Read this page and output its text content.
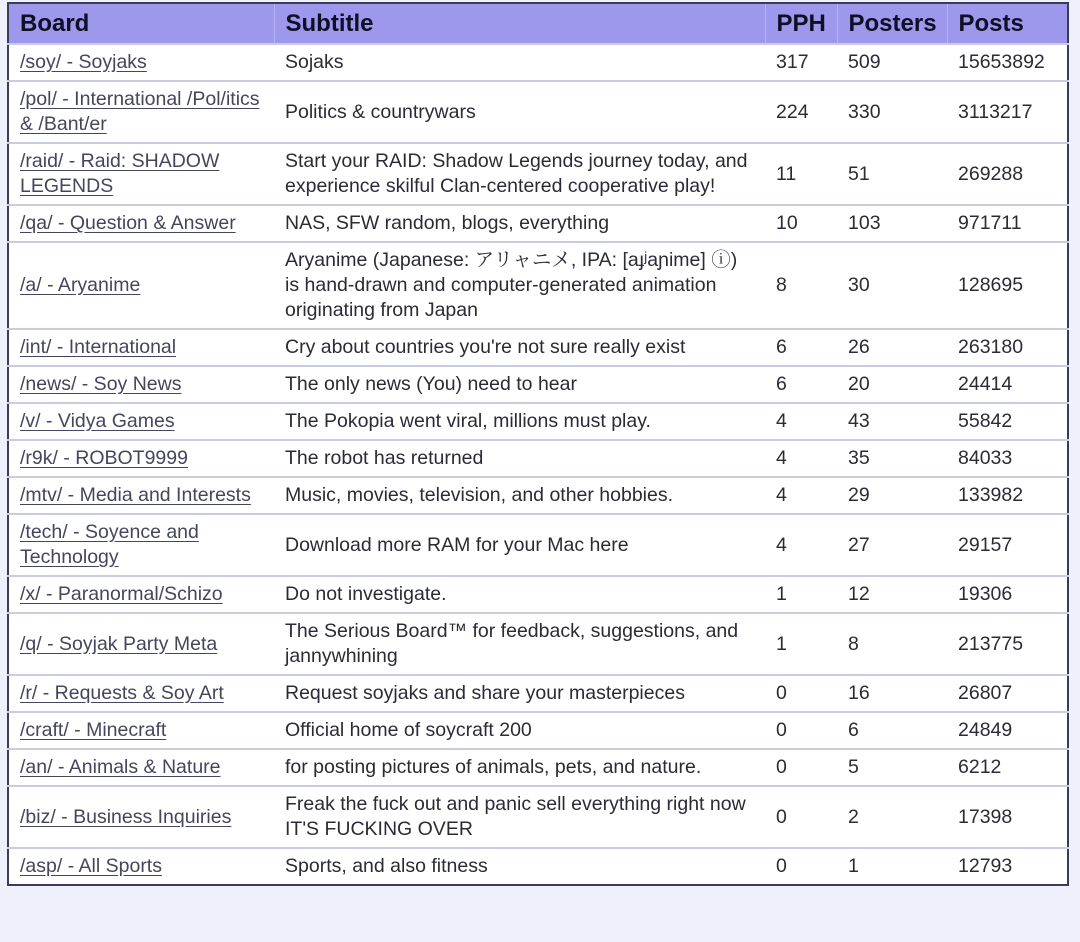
Board	Subtitle	PPH	Posters	Posts
/soy/ - Soyjaks	Sojaks	317	509	15653892
/pol/ - International /Pol/itics & /Bant/er	Politics & countrywars	224	330	3113217
/raid/ - Raid: SHADOW LEGENDS	Start your RAID: Shadow Legends journey today, and experience skilful Clan-centered cooperative play!	11	51	269288
/qa/ - Question & Answer	NAS, SFW random, blogs, everything	10	103	971711
/a/ - Aryanime	Aryanime (Japanese: アリャニメ, IPA: [aɟʲaɲime] ⓘ) is hand-drawn and computer-generated animation originating from Japan	8	30	128695
/int/ - International	Cry about countries you're not sure really exist	6	26	263180
/news/ - Soy News	The only news (You) need to hear	6	20	24414
/v/ - Vidya Games	The Pokopia went viral, millions must play.	4	43	55842
/r9k/ - ROBOT9999	The robot has returned	4	35	84033
/mtv/ - Media and Interests	Music, movies, television, and other hobbies.	4	29	133982
/tech/ - Soyence and Technology	Download more RAM for your Mac here	4	27	29157
/x/ - Paranormal/Schizo	Do not investigate.	1	12	19306
/q/ - Soyjak Party Meta	The Serious Board™ for feedback, suggestions, and jannywhining	1	8	213775
/r/ - Requests & Soy Art	Request soyjaks and share your masterpieces	0	16	26807
/craft/ - Minecraft	Official home of soycraft 200	0	6	24849
/an/ - Animals & Nature	for posting pictures of animals, pets, and nature.	0	5	6212
/biz/ - Business Inquiries	Freak the fuck out and panic sell everything right now IT'S FUCKING OVER	0	2	17398
/asp/ - All Sports	Sports, and also fitness	0	1	12793
